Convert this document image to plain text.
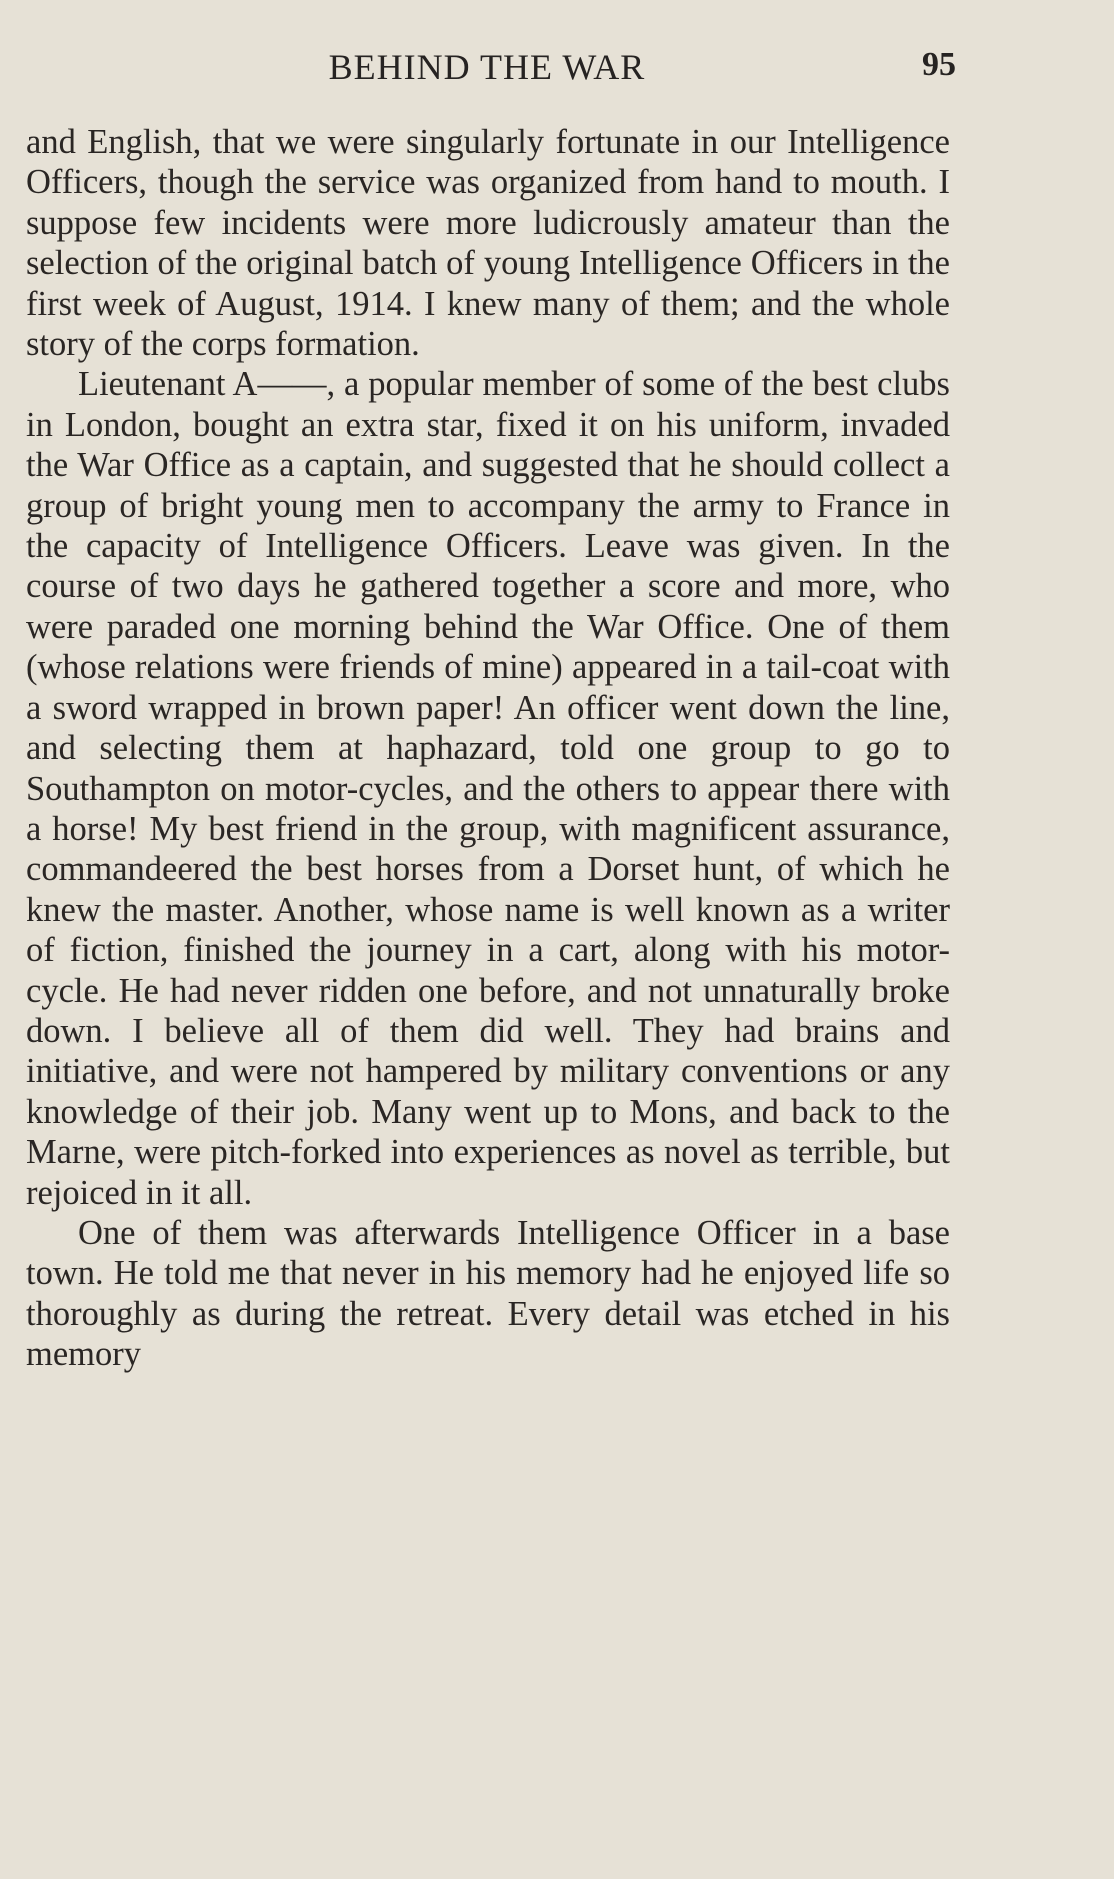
BEHIND THE WAR	95

and English, that we were singularly fortunate in our Intelligence Officers, though the service was organized from hand to mouth. I suppose few incidents were more ludicrously amateur than the selection of the original batch of young Intelligence Officers in the first week of August, 1914. I knew many of them; and the whole story of the corps formation.

Lieutenant A——, a popular member of some of the best clubs in London, bought an extra star, fixed it on his uniform, invaded the War Office as a captain, and suggested that he should collect a group of bright young men to accompany the army to France in the capacity of Intelligence Officers. Leave was given. In the course of two days he gathered together a score and more, who were paraded one morning behind the War Office. One of them (whose relations were friends of mine) appeared in a tail-coat with a sword wrapped in brown paper! An officer went down the line, and selecting them at haphazard, told one group to go to Southampton on motor-cycles, and the others to appear there with a horse! My best friend in the group, with magnificent assurance, commandeered the best horses from a Dorset hunt, of which he knew the master. Another, whose name is well known as a writer of fiction, finished the journey in a cart, along with his motor-cycle. He had never ridden one before, and not unnaturally broke down. I believe all of them did well. They had brains and initiative, and were not hampered by military conventions or any knowledge of their job. Many went up to Mons, and back to the Marne, were pitch-forked into experiences as novel as terrible, but rejoiced in it all.

One of them was afterwards Intelligence Officer in a base town. He told me that never in his memory had he enjoyed life so thoroughly as during the retreat. Every detail was etched in his memory
